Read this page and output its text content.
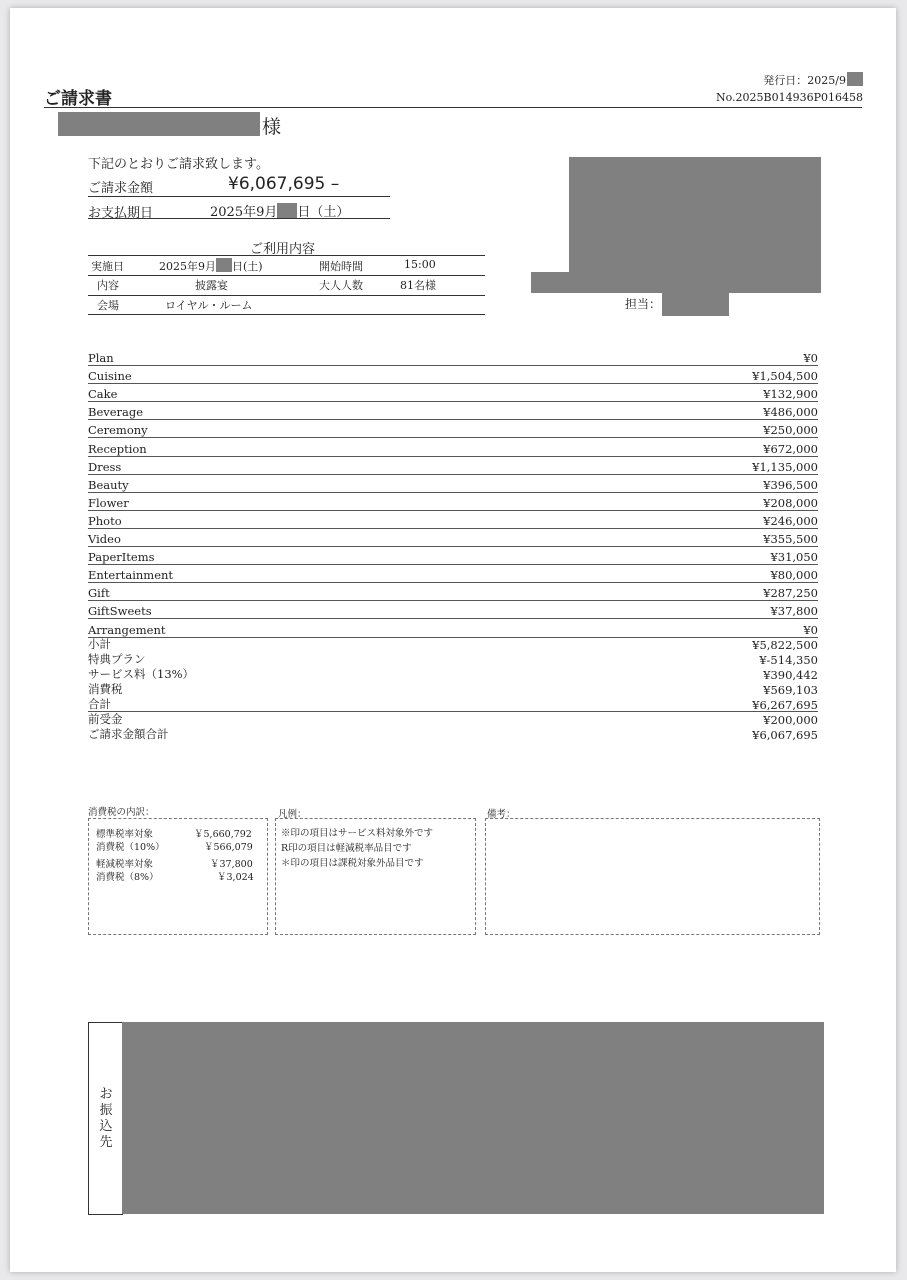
ご請求書
発行日：2025/9
No.2025B014936P016458
様
下記のとおりご請求致します。
ご請求金額	¥6,067,695 –
お支払期日	2025年9月 日（土）
ご利用内容
実施日	2025年9月 日(土)	開始時間	15:00
内容	披露宴	大人人数	81名様
会場	ロイヤル・ルーム	担当：
Plan	¥0
Cuisine	¥1,504,500
Cake	¥132,900
Beverage	¥486,000
Ceremony	¥250,000
Reception	¥672,000
Dress	¥1,135,000
Beauty	¥396,500
Flower	¥208,000
Photo	¥246,000
Video	¥355,500
PaperItems	¥31,050
Entertainment	¥80,000
Gift	¥287,250
GiftSweets	¥37,800
Arrangement	¥0
小計	¥5,822,500
特典プラン	¥-514,350
サービス料（13%）	¥390,442
消費税	¥569,103
合計	¥6,267,695
前受金	¥200,000
ご請求金額合計	¥6,067,695
消費税の内訳：
標準税率対象	￥5,660,792
消費税（10%）	￥566,079
軽減税率対象	￥37,800
消費税（8%）	￥3,024
凡例：
※印の項目はサービス料対象外です
R印の項目は軽減税率品目です
＊印の項目は課税対象外品目です
備考：
お
振
込
先
